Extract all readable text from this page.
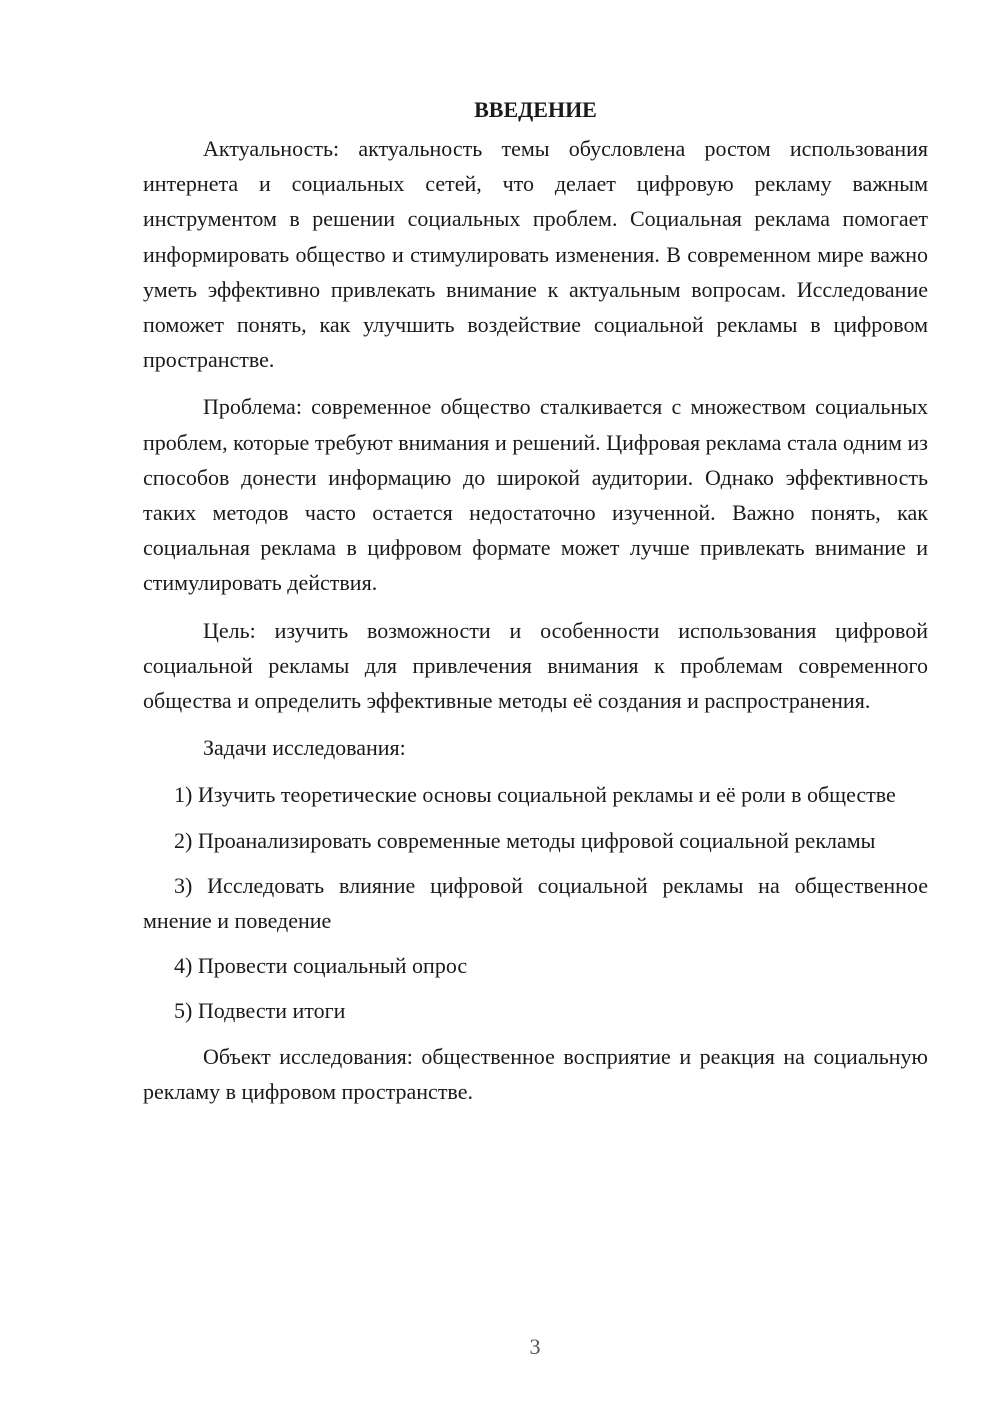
ВВЕДЕНИЕ

Актуальность: актуальность темы обусловлена ростом использования интернета и социальных сетей, что делает цифровую рекламу важным инструментом в решении социальных проблем. Социальная реклама помогает информировать общество и стимулировать изменения. В современном мире важно уметь эффективно привлекать внимание к актуальным вопросам. Исследование поможет понять, как улучшить воздействие социальной рекламы в цифровом пространстве.

Проблема: современное общество сталкивается с множеством социальных проблем, которые требуют внимания и решений. Цифровая реклама стала одним из способов донести информацию до широкой аудитории. Однако эффективность таких методов часто остается недостаточно изученной. Важно понять, как социальная реклама в цифровом формате может лучше привлекать внимание и стимулировать действия.

Цель: изучить возможности и особенности использования цифровой социальной рекламы для привлечения внимания к проблемам современного общества и определить эффективные методы её создания и распространения.

Задачи исследования:

1) Изучить теоретические основы социальной рекламы и её роли в обществе

2) Проанализировать современные методы цифровой социальной рекламы

3) Исследовать влияние цифровой социальной рекламы на общественное мнение и поведение

4) Провести социальный опрос

5) Подвести итоги

Объект исследования: общественное восприятие и реакция на социальную рекламу в цифровом пространстве.

3
